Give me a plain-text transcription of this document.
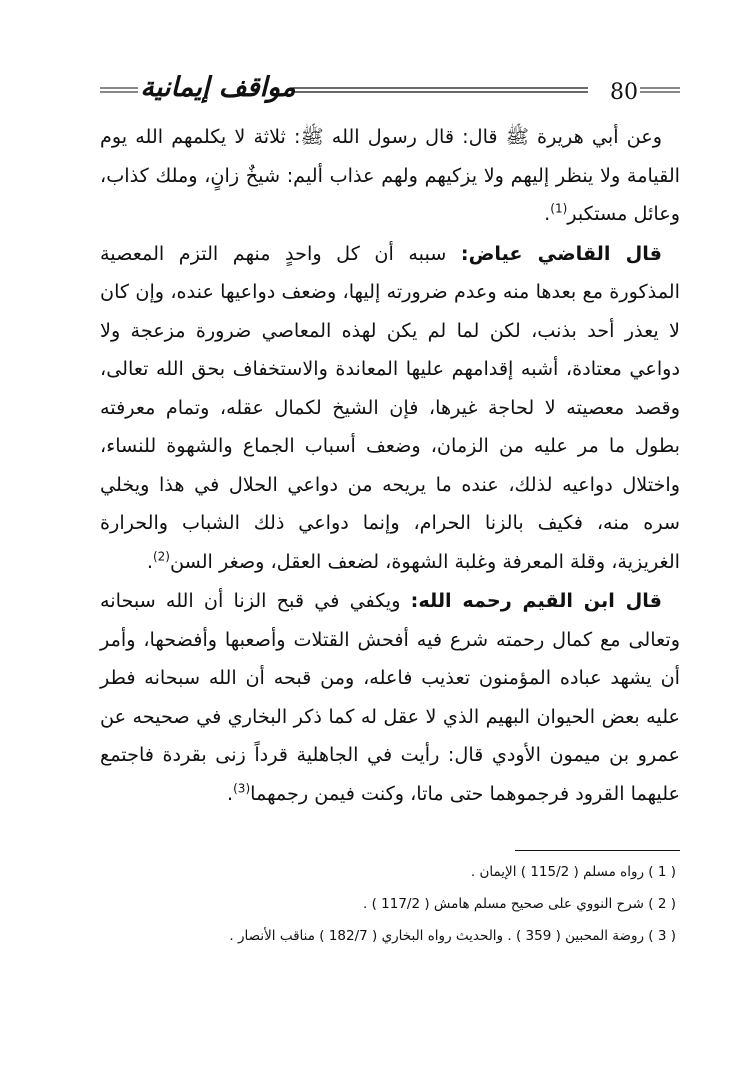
مواقف إيمانية	80

وعن أبي هريرة ﷺ قال: قال رسول الله ﷺ: ثلاثة لا يكلمهم الله يوم القيامة ولا ينظر إليهم ولا يزكيهم ولهم عذاب أليم: شيخٌ زانٍ، وملك كذاب، وعائل مستكبر$^{(1)}$.

قال القاضي عياض: سببه أن كل واحدٍ منهم التزم المعصية المذكورة مع بعدها منه وعدم ضرورته إليها، وضعف دواعيها عنده، وإن كان لا يعذر أحد بذنب، لكن لما لم يكن لهذه المعاصي ضرورة مزعجة ولا دواعي معتادة، أشبه إقدامهم عليها المعاندة والاستخفاف بحق الله تعالى، وقصد معصيته لا لحاجة غيرها، فإن الشيخ لكمال عقله، وتمام معرفته بطول ما مر عليه من الزمان، وضعف أسباب الجماع والشهوة للنساء، واختلال دواعيه لذلك، عنده ما يريحه من دواعي الحلال في هذا ويخلي سره منه، فكيف بالزنا الحرام، وإنما دواعي ذلك الشباب والحرارة الغريزية، وقلة المعرفة وغلبة الشهوة، لضعف العقل، وصغر السن$^{(2)}$.

قال ابن القيم رحمه الله: ويكفي في قبح الزنا أن الله سبحانه وتعالى مع كمال رحمته شرع فيه أفحش القتلات وأصعبها وأفضحها، وأمر أن يشهد عباده المؤمنون تعذيب فاعله، ومن قبحه أن الله سبحانه فطر عليه بعض الحيوان البهيم الذي لا عقل له كما ذكر البخاري في صحيحه عن عمرو بن ميمون الأودي قال: رأيت في الجاهلية قرداً زنى بقردة فاجتمع عليهما القرود فرجموهما حتى ماتا، وكنت فيمن رجمهما$^{(3)}$.

( 1 ) رواه مسلم ( 115/2 ) الإيمان .

( 2 ) شرح النووي على صحيح مسلم هامش ( 117/2 ) .

( 3 ) روضة المحبين ( 359 ) . والحديث رواه البخاري ( 182/7 ) مناقب الأنصار .
